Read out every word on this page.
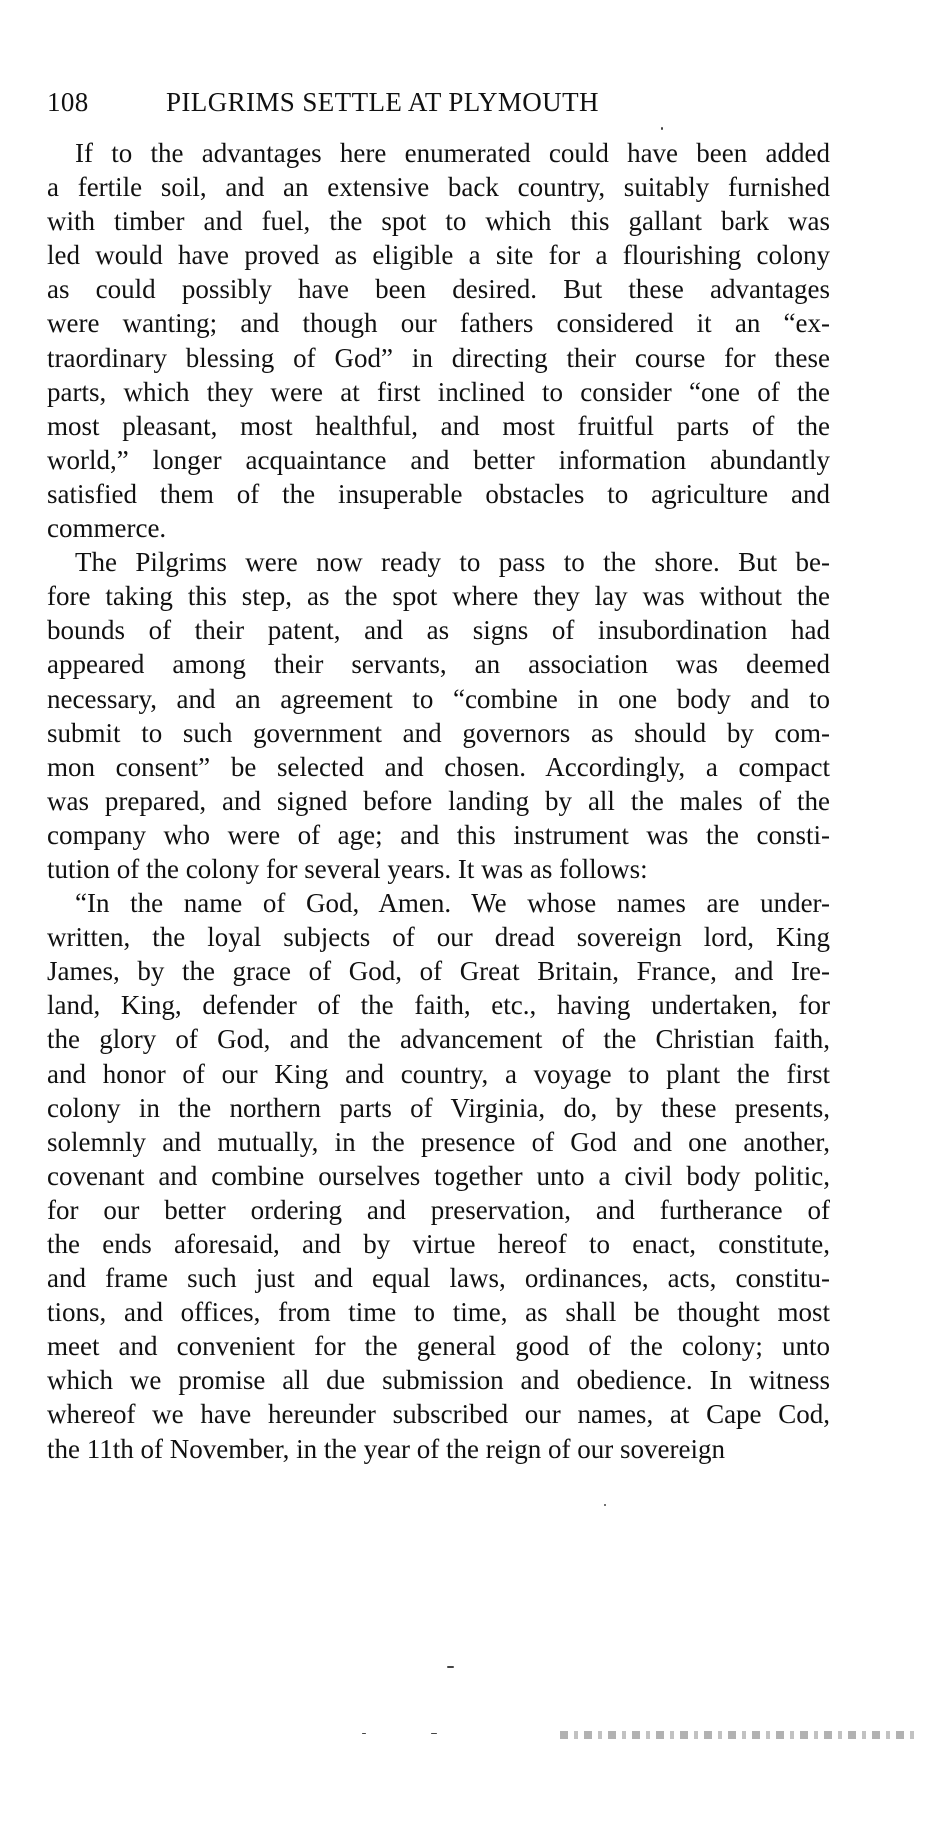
108	PILGRIMS SETTLE AT PLYMOUTH
If to the advantages here enumerated could have been added
a fertile soil, and an extensive back country, suitably furnished
with timber and fuel, the spot to which this gallant bark was
led would have proved as eligible a site for a flourishing colony
as could possibly have been desired. But these advantages
were wanting; and though our fathers considered it an “ex-
traordinary blessing of God” in directing their course for these
parts, which they were at first inclined to consider “one of the
most pleasant, most healthful, and most fruitful parts of the
world,” longer acquaintance and better information abundantly
satisfied them of the insuperable obstacles to agriculture and
commerce.
The Pilgrims were now ready to pass to the shore. But be-
fore taking this step, as the spot where they lay was without the
bounds of their patent, and as signs of insubordination had
appeared among their servants, an association was deemed
necessary, and an agreement to “combine in one body and to
submit to such government and governors as should by com-
mon consent” be selected and chosen. Accordingly, a compact
was prepared, and signed before landing by all the males of the
company who were of age; and this instrument was the consti-
tution of the colony for several years. It was as follows:
“In the name of God, Amen. We whose names are under-
written, the loyal subjects of our dread sovereign lord, King
James, by the grace of God, of Great Britain, France, and Ire-
land, King, defender of the faith, etc., having undertaken, for
the glory of God, and the advancement of the Christian faith,
and honor of our King and country, a voyage to plant the first
colony in the northern parts of Virginia, do, by these presents,
solemnly and mutually, in the presence of God and one another,
covenant and combine ourselves together unto a civil body politic,
for our better ordering and preservation, and furtherance of
the ends aforesaid, and by virtue hereof to enact, constitute,
and frame such just and equal laws, ordinances, acts, constitu-
tions, and offices, from time to time, as shall be thought most
meet and convenient for the general good of the colony; unto
which we promise all due submission and obedience. In witness
whereof we have hereunder subscribed our names, at Cape Cod,
the 11th of November, in the year of the reign of our sovereign
